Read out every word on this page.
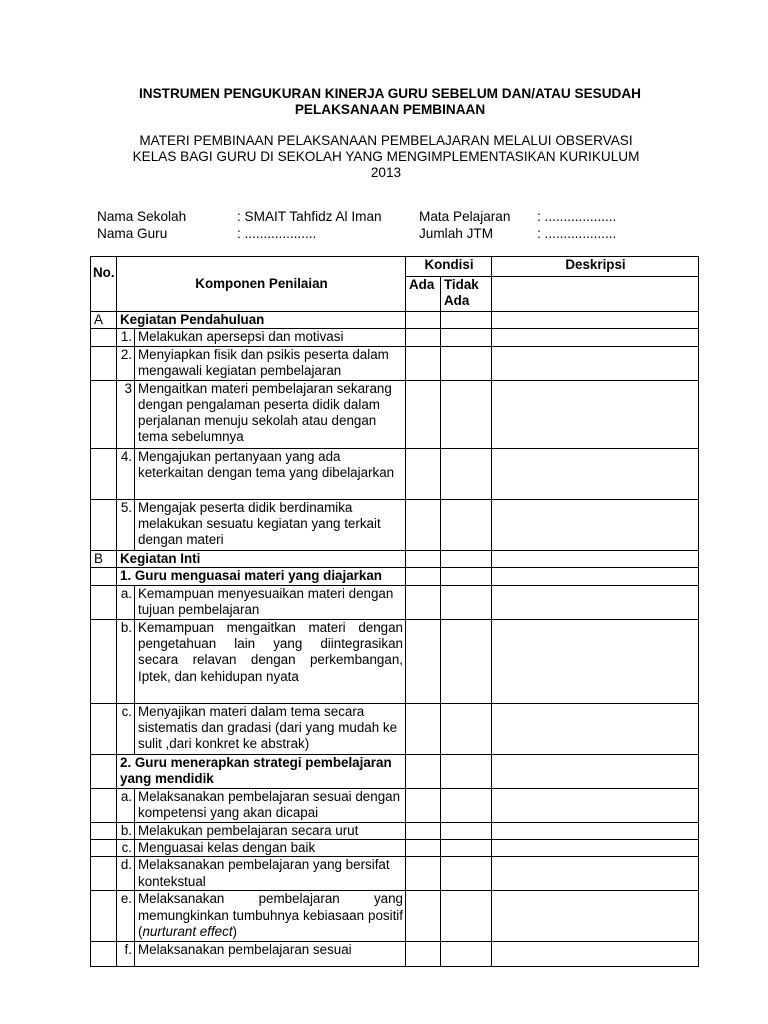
INSTRUMEN PENGUKURAN KINERJA GURU SEBELUM DAN/ATAU SESUDAH
PELAKSANAAN PEMBINAAN
MATERI PEMBINAAN PELAKSANAAN PEMBELAJARAN MELALUI OBSERVASI
KELAS BAGI GURU DI SEKOLAH YANG MENGIMPLEMENTASIKAN KURIKULUM
2013
Nama Sekolah	: SMAIT Tahfidz Al Iman	Mata Pelajaran : ...................
Nama Guru	: ...................	Jumlah JTM	: ...................
No.	Komponen Penilaian		Kondisi		Deskripsi
			Ada	Tidak Ada	
A	Kegiatan Pendahuluan				
	1.	Melakukan apersepsi dan motivasi			
	2.	Menyiapkan fisik dan psikis peserta dalam mengawali kegiatan pembelajaran			
	3	Mengaitkan materi pembelajaran sekarang dengan pengalaman peserta didik dalam perjalanan menuju sekolah atau dengan tema sebelumnya			
	4.	Mengajukan pertanyaan yang ada keterkaitan dengan tema yang dibelajarkan			
	5.	Mengajak peserta didik berdinamika melakukan sesuatu kegiatan yang terkait dengan materi			
B	Kegiatan Inti				
	1. Guru menguasai materi yang diajarkan				
	a.	Kemampuan menyesuaikan materi dengan tujuan pembelajaran			
	b.	Kemampuan mengaitkan materi dengan pengetahuan lain yang diintegrasikan secara relavan dengan perkembangan, Iptek, dan kehidupan nyata			
	c.	Menyajikan materi dalam tema secara sistematis dan gradasi (dari yang mudah ke sulit ,dari konkret ke abstrak)			
	2. Guru menerapkan strategi pembelajaran yang mendidik				
	a.	Melaksanakan pembelajaran sesuai dengan kompetensi yang akan dicapai			
	b.	Melakukan pembelajaran secara urut			
	c.	Menguasai kelas dengan baik			
	d.	Melaksanakan pembelajaran yang bersifat kontekstual			
	e.	Melaksanakan pembelajaran yang memungkinkan tumbuhnya kebiasaan positif (nurturant effect)			
	f.	Melaksanakan pembelajaran sesuai			
